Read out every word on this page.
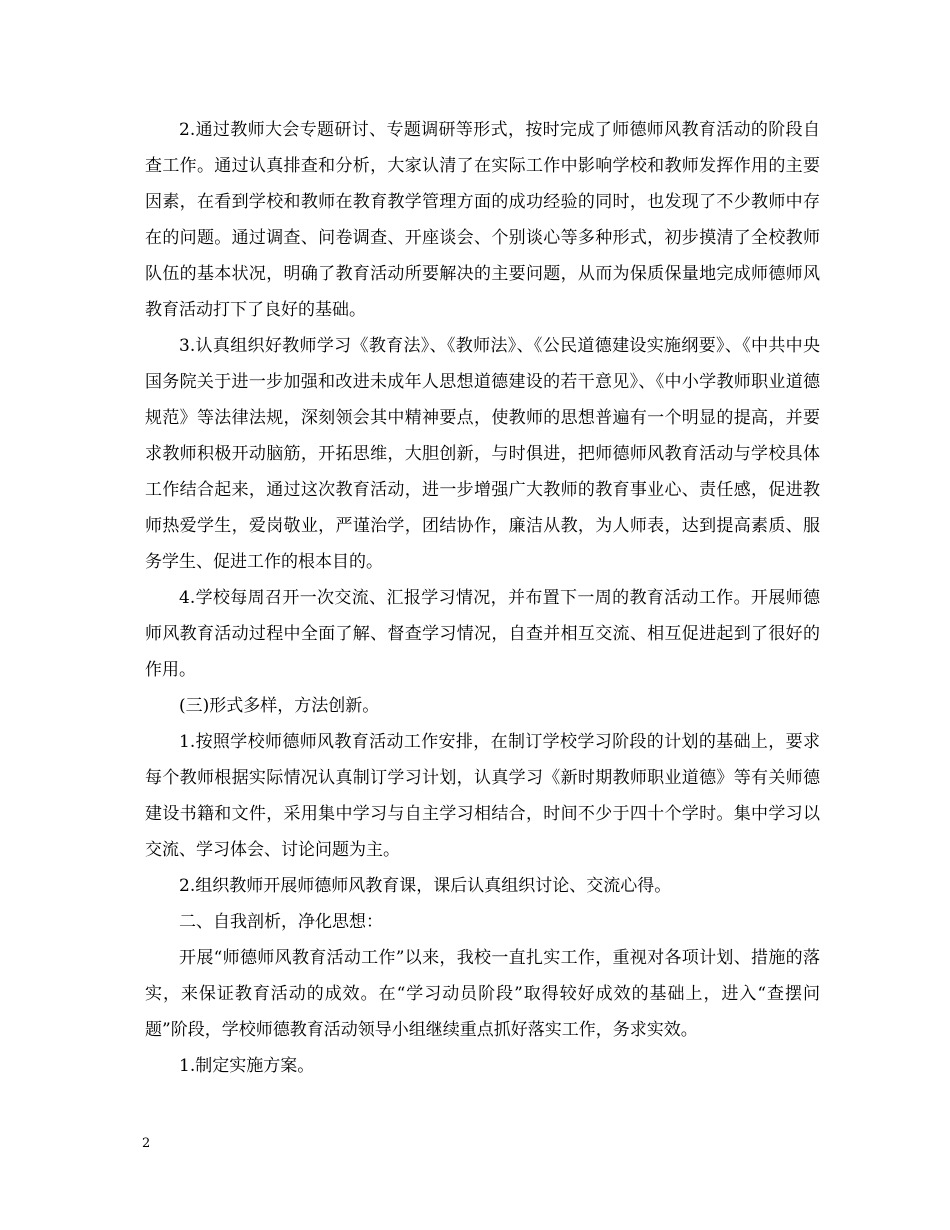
2.通过教师大会专题研讨、专题调研等形式，按时完成了师德师风教育活动的阶段自查工作。通过认真排查和分析，大家认清了在实际工作中影响学校和教师发挥作用的主要因素，在看到学校和教师在教育教学管理方面的成功经验的同时，也发现了不少教师中存在的问题。通过调查、问卷调查、开座谈会、个别谈心等多种形式，初步摸清了全校教师队伍的基本状况，明确了教育活动所要解决的主要问题，从而为保质保量地完成师德师风教育活动打下了良好的基础。

3.认真组织好教师学习《教育法》、《教师法》、《公民道德建设实施纲要》、《中共中央国务院关于进一步加强和改进未成年人思想道德建设的若干意见》、《中小学教师职业道德规范》等法律法规，深刻领会其中精神要点，使教师的思想普遍有一个明显的提高，并要求教师积极开动脑筋，开拓思维，大胆创新，与时俱进，把师德师风教育活动与学校具体工作结合起来，通过这次教育活动，进一步增强广大教师的教育事业心、责任感，促进教师热爱学生，爱岗敬业，严谨治学，团结协作，廉洁从教，为人师表，达到提高素质、服务学生、促进工作的根本目的。

4.学校每周召开一次交流、汇报学习情况，并布置下一周的教育活动工作。开展师德师风教育活动过程中全面了解、督查学习情况，自查并相互交流、相互促进起到了很好的作用。

(三)形式多样，方法创新。

1.按照学校师德师风教育活动工作安排，在制订学校学习阶段的计划的基础上，要求每个教师根据实际情况认真制订学习计划，认真学习《新时期教师职业道德》等有关师德建设书籍和文件，采用集中学习与自主学习相结合，时间不少于四十个学时。集中学习以交流、学习体会、讨论问题为主。

2.组织教师开展师德师风教育课，课后认真组织讨论、交流心得。

二、自我剖析，净化思想：

开展“师德师风教育活动工作”以来，我校一直扎实工作，重视对各项计划、措施的落实，来保证教育活动的成效。在“学习动员阶段”取得较好成效的基础上，进入“查摆问题”阶段，学校师德教育活动领导小组继续重点抓好落实工作，务求实效。

1.制定实施方案。

2
